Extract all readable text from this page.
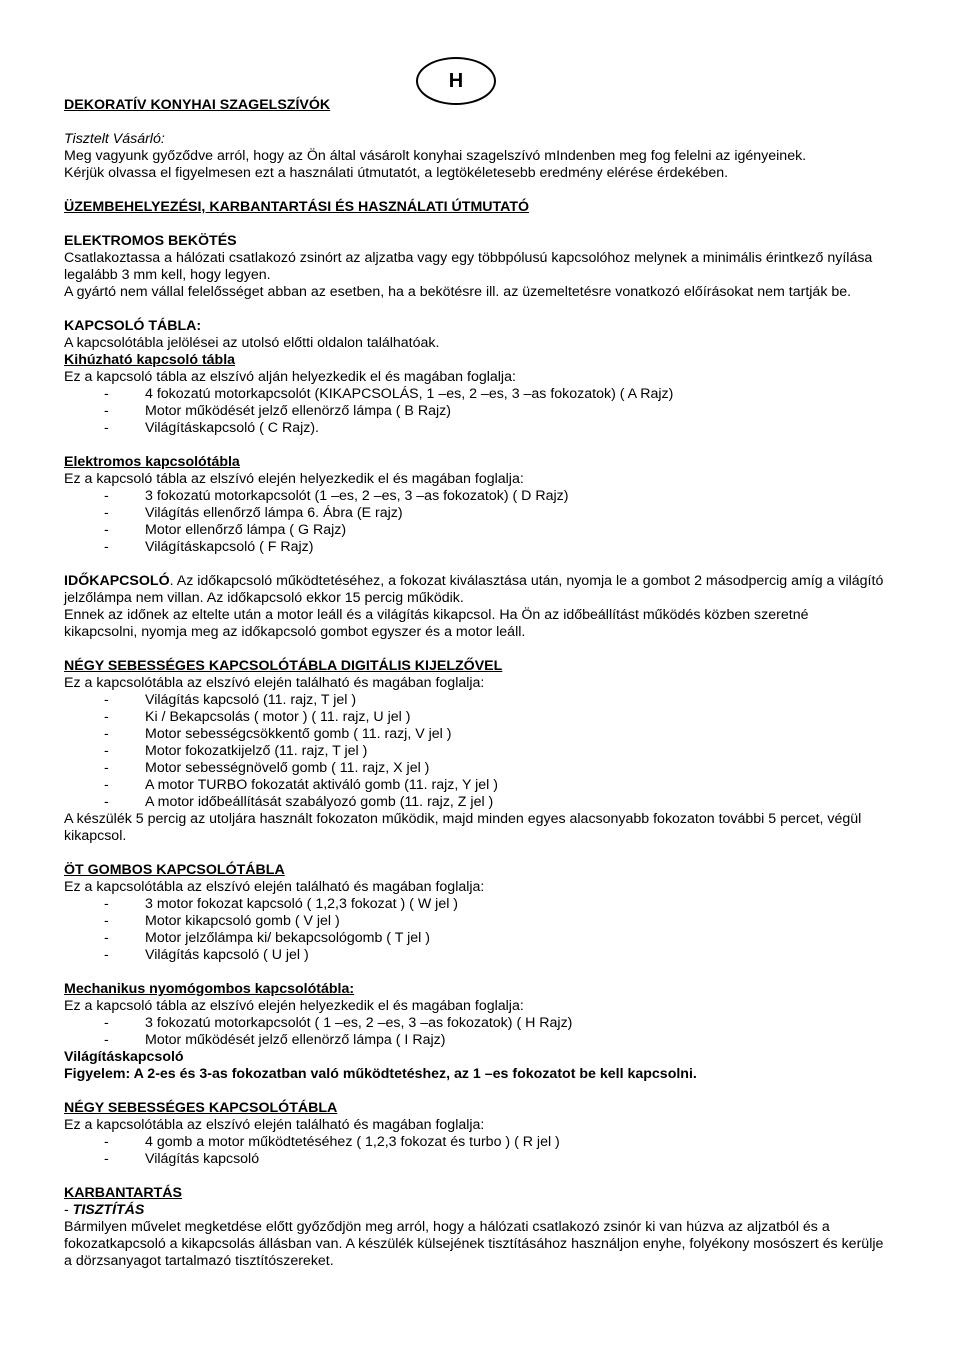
H

DEKORATÍV KONYHAI SZAGELSZÍVÓK

Tisztelt Vásárló:

Meg vagyunk győződve arról, hogy az Ön által vásárolt konyhai szagelszívó mIndenben meg fog felelni az igényeinek.

Kérjük olvassa el figyelmesen ezt a használati útmutatót, a legtökéletesebb eredmény elérése érdekében.

ÜZEMBEHELYEZÉSI, KARBANTARTÁSI ÉS HASZNÁLATI ÚTMUTATÓ

ELEKTROMOS BEKÖTÉS

Csatlakoztassa a hálózati csatlakozó zsinórt az aljzatba vagy egy többpólusú kapcsolóhoz melynek a minimális érintkező nyílása legalább 3 mm kell, hogy legyen.

A gyártó nem vállal felelősséget abban az esetben, ha a bekötésre ill. az üzemeltetésre vonatkozó előírásokat nem tartják be.

KAPCSOLÓ TÁBLA:

A kapcsolótábla jelölései az utolsó előtti oldalon találhatóak.

Kihúzható kapcsoló tábla

Ez a kapcsoló tábla az elszívó alján helyezkedik el és magában foglalja:

-	4 fokozatú motorkapcsolót (KIKAPCSOLÁS, 1 –es, 2 –es, 3 –as fokozatok) ( A Rajz)
-	Motor működését jelző ellenörző lámpa ( B Rajz)
-	Világításkapcsoló ( C Rajz).

Elektromos kapcsolótábla

Ez a kapcsoló tábla az elszívó elején helyezkedik el és magában foglalja:

-	3 fokozatú motorkapcsolót (1 –es, 2 –es, 3 –as fokozatok) ( D Rajz)
-	Világítás ellenőrző lámpa 6. Ábra (E rajz)
-	Motor ellenőrző lámpa ( G Rajz)
-	Világításkapcsoló ( F Rajz)

IDŐKAPCSOLÓ. Az időkapcsoló működtetéséhez, a fokozat kiválasztása után, nyomja le a gombot 2 másodpercig amíg a világító jelzőlámpa nem villan. Az időkapcsoló ekkor 15 percig működik.

Ennek az időnek az eltelte után a motor leáll és a világítás kikapcsol. Ha Ön az időbeállítást működés közben szeretné kikapcsolni, nyomja meg az időkapcsoló gombot egyszer és a motor leáll.

NÉGY SEBESSÉGES KAPCSOLÓTÁBLA DIGITÁLIS KIJELZŐVEL

Ez a kapcsolótábla az elszívó elején található és magában foglalja:

-	Világítás kapcsoló (11. rajz, T jel )
-	Ki / Bekapcsolás ( motor ) ( 11. rajz, U jel )
-	Motor sebességcsökkentő gomb ( 11. razj, V jel )
-	Motor fokozatkijelző (11. rajz, T jel )
-	Motor sebességnövelő gomb ( 11. rajz, X jel )
-	A motor TURBO fokozatát aktiváló gomb (11. rajz, Y jel )
-	A motor időbeállítását szabályozó gomb (11. rajz, Z jel )

A készülék 5 percig az utoljára használt fokozaton működik, majd minden egyes alacsonyabb fokozaton további 5 percet, végül kikapcsol.

ÖT GOMBOS KAPCSOLÓTÁBLA

Ez a kapcsolótábla az elszívó elején található és magában foglalja:

-	3 motor fokozat kapcsoló ( 1,2,3 fokozat ) ( W jel )
-	Motor kikapcsoló gomb ( V jel )
-	Motor jelzőlámpa ki/ bekapcsológomb ( T jel )
-	Világítás kapcsoló ( U jel )

Mechanikus nyomógombos kapcsolótábla:

Ez a kapcsoló tábla az elszívó elején helyezkedik el és magában foglalja:

-	3 fokozatú motorkapcsolót ( 1 –es, 2 –es, 3 –as fokozatok) ( H Rajz)
-	Motor működését jelző ellenörző lámpa ( I Rajz)

Világításkapcsoló

Figyelem: A 2-es és 3-as fokozatban való működtetéshez, az 1 –es fokozatot be kell kapcsolni.

NÉGY SEBESSÉGES KAPCSOLÓTÁBLA

Ez a kapcsolótábla az elszívó elején található és magában foglalja:

-	4 gomb a motor működtetéséhez ( 1,2,3 fokozat és turbo ) ( R jel )
-	Világítás kapcsoló

KARBANTARTÁS

- TISZTÍTÁS

Bármilyen művelet megketdése előtt győződjön meg arról, hogy a hálózati csatlakozó zsinór ki van húzva az aljzatból és a fokozatkapcsoló a kikapcsolás állásban van. A készülék külsejének tisztításához használjon enyhe, folyékony mosószert és kerülje a dörzsanyagot tartalmazó tisztítószereket.
